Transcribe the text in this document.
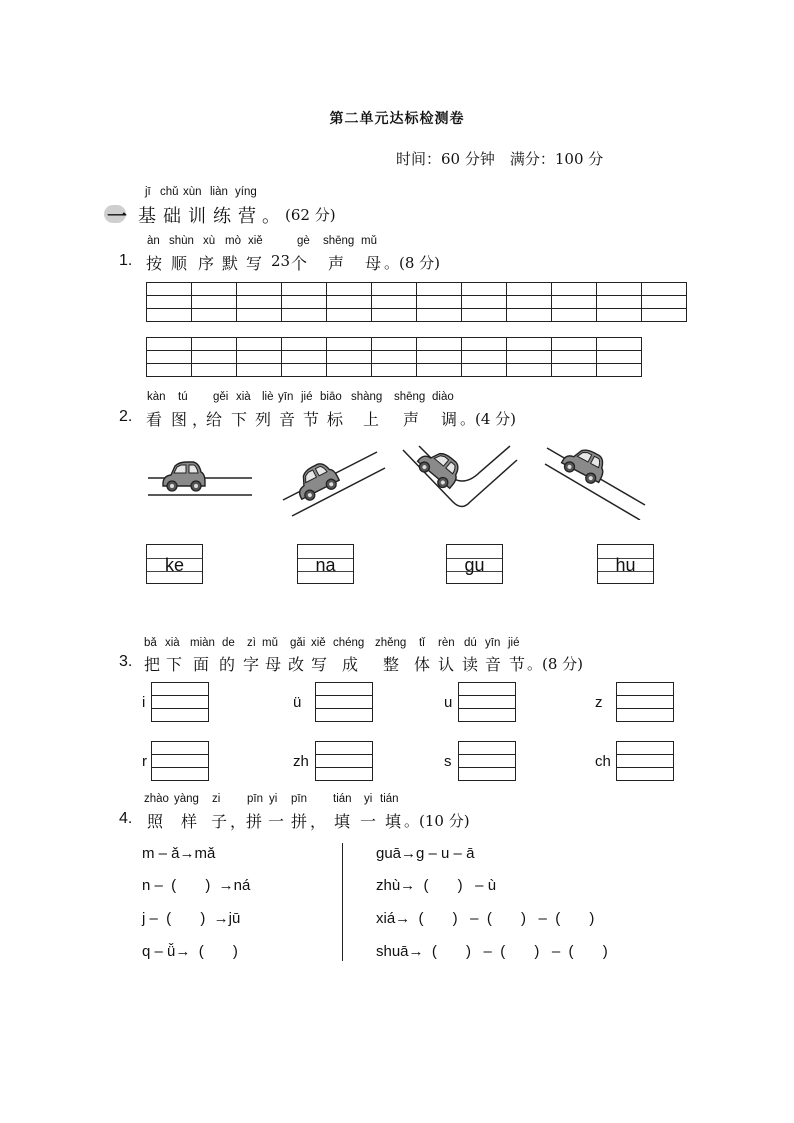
第二单元达标检测卷
时间：60 分钟　满分：100 分
一
jī chǔ xùn liàn yíng
基 础 训 练 营 。 (62 分)
àn shùn xù mò xiě	gè shēng mǔ
1. 按 顺 序 默 写 23 个 声 母 。(8 分)

kàn tú gěi xià liè yīn jié biāo shàng shēng diào
2. 看 图 ，
给 下 列 音 节 标 上 声 调 。(4 分)
ke	na	gu	hu
bǎ xià miàn de zì mǔ gǎi xiě chéng zhěng tǐ rèn dú yīn jié
3. 把 下 面 的 字 母 改 写 成 整 体 认 读 音 节 。(8 分)
i	ü	u	z
r	zh	s	ch
zhào yàng zi pīn yi pīn tián yi tián
4. 照 样 子 ， 拼 一 拼 ， 填 一 填 。(10 分)
m – ǎ→mǎ
n –  (       )  →ná
j –  (       )  →jū
q – ǚ→  (       )
guā→g – u – ā
zhù→  (       )   – ù
xiá→  (       )   –  (       )   –  (       )
shuā→  (       )   –  (       )   –  (       )
